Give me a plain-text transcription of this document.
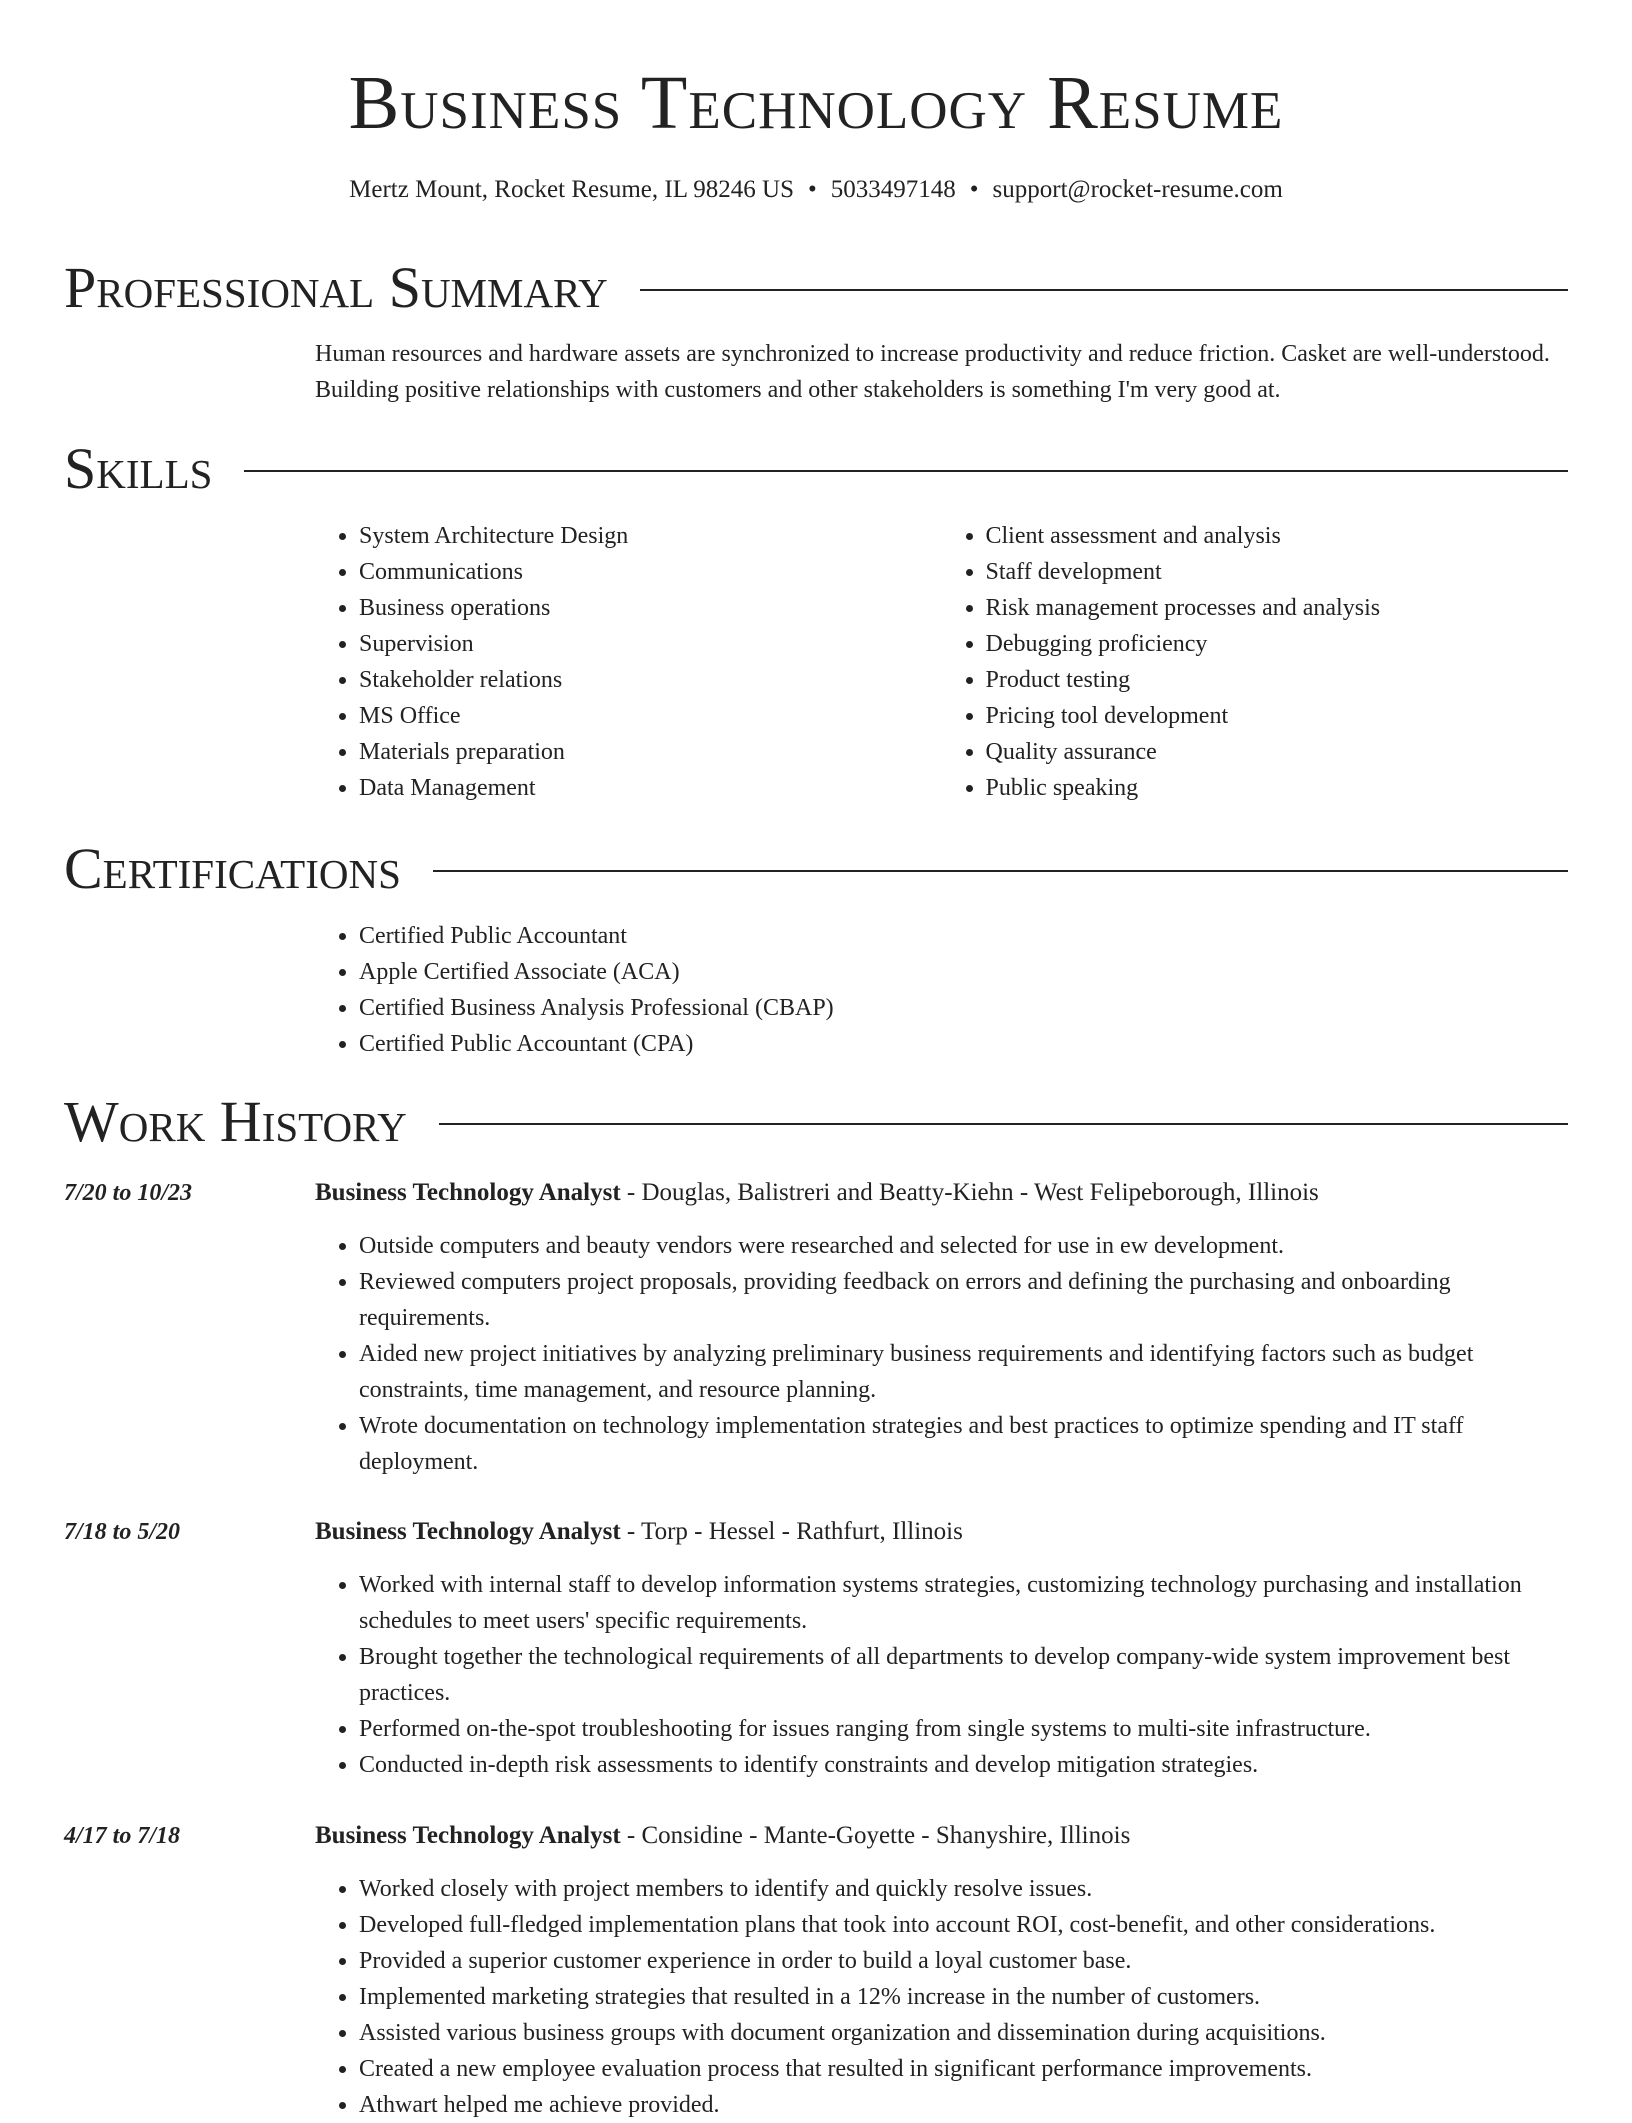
Business Technology Resume
Mertz Mount, Rocket Resume, IL 98246 US • 5033497148 • support@rocket-resume.com
Professional Summary
Human resources and hardware assets are synchronized to increase productivity and reduce friction. Casket are well-understood. Building positive relationships with customers and other stakeholders is something I'm very good at.
Skills
• System Architecture Design
• Communications
• Business operations
• Supervision
• Stakeholder relations
• MS Office
• Materials preparation
• Data Management
• Client assessment and analysis
• Staff development
• Risk management processes and analysis
• Debugging proficiency
• Product testing
• Pricing tool development
• Quality assurance
• Public speaking
Certifications
• Certified Public Accountant
• Apple Certified Associate (ACA)
• Certified Business Analysis Professional (CBAP)
• Certified Public Accountant (CPA)
Work History
7/20 to 10/23	Business Technology Analyst - Douglas, Balistreri and Beatty-Kiehn - West Felipeborough, Illinois
• Outside computers and beauty vendors were researched and selected for use in ew development.
• Reviewed computers project proposals, providing feedback on errors and defining the purchasing and onboarding requirements.
• Aided new project initiatives by analyzing preliminary business requirements and identifying factors such as budget constraints, time management, and resource planning.
• Wrote documentation on technology implementation strategies and best practices to optimize spending and IT staff deployment.
7/18 to 5/20	Business Technology Analyst - Torp - Hessel - Rathfurt, Illinois
• Worked with internal staff to develop information systems strategies, customizing technology purchasing and installation schedules to meet users' specific requirements.
• Brought together the technological requirements of all departments to develop company-wide system improvement best practices.
• Performed on-the-spot troubleshooting for issues ranging from single systems to multi-site infrastructure.
• Conducted in-depth risk assessments to identify constraints and develop mitigation strategies.
4/17 to 7/18	Business Technology Analyst - Considine - Mante-Goyette - Shanyshire, Illinois
• Worked closely with project members to identify and quickly resolve issues.
• Developed full-fledged implementation plans that took into account ROI, cost-benefit, and other considerations.
• Provided a superior customer experience in order to build a loyal customer base.
• Implemented marketing strategies that resulted in a 12% increase in the number of customers.
• Assisted various business groups with document organization and dissemination during acquisitions.
• Created a new employee evaluation process that resulted in significant performance improvements.
• Athwart helped me achieve provided.
